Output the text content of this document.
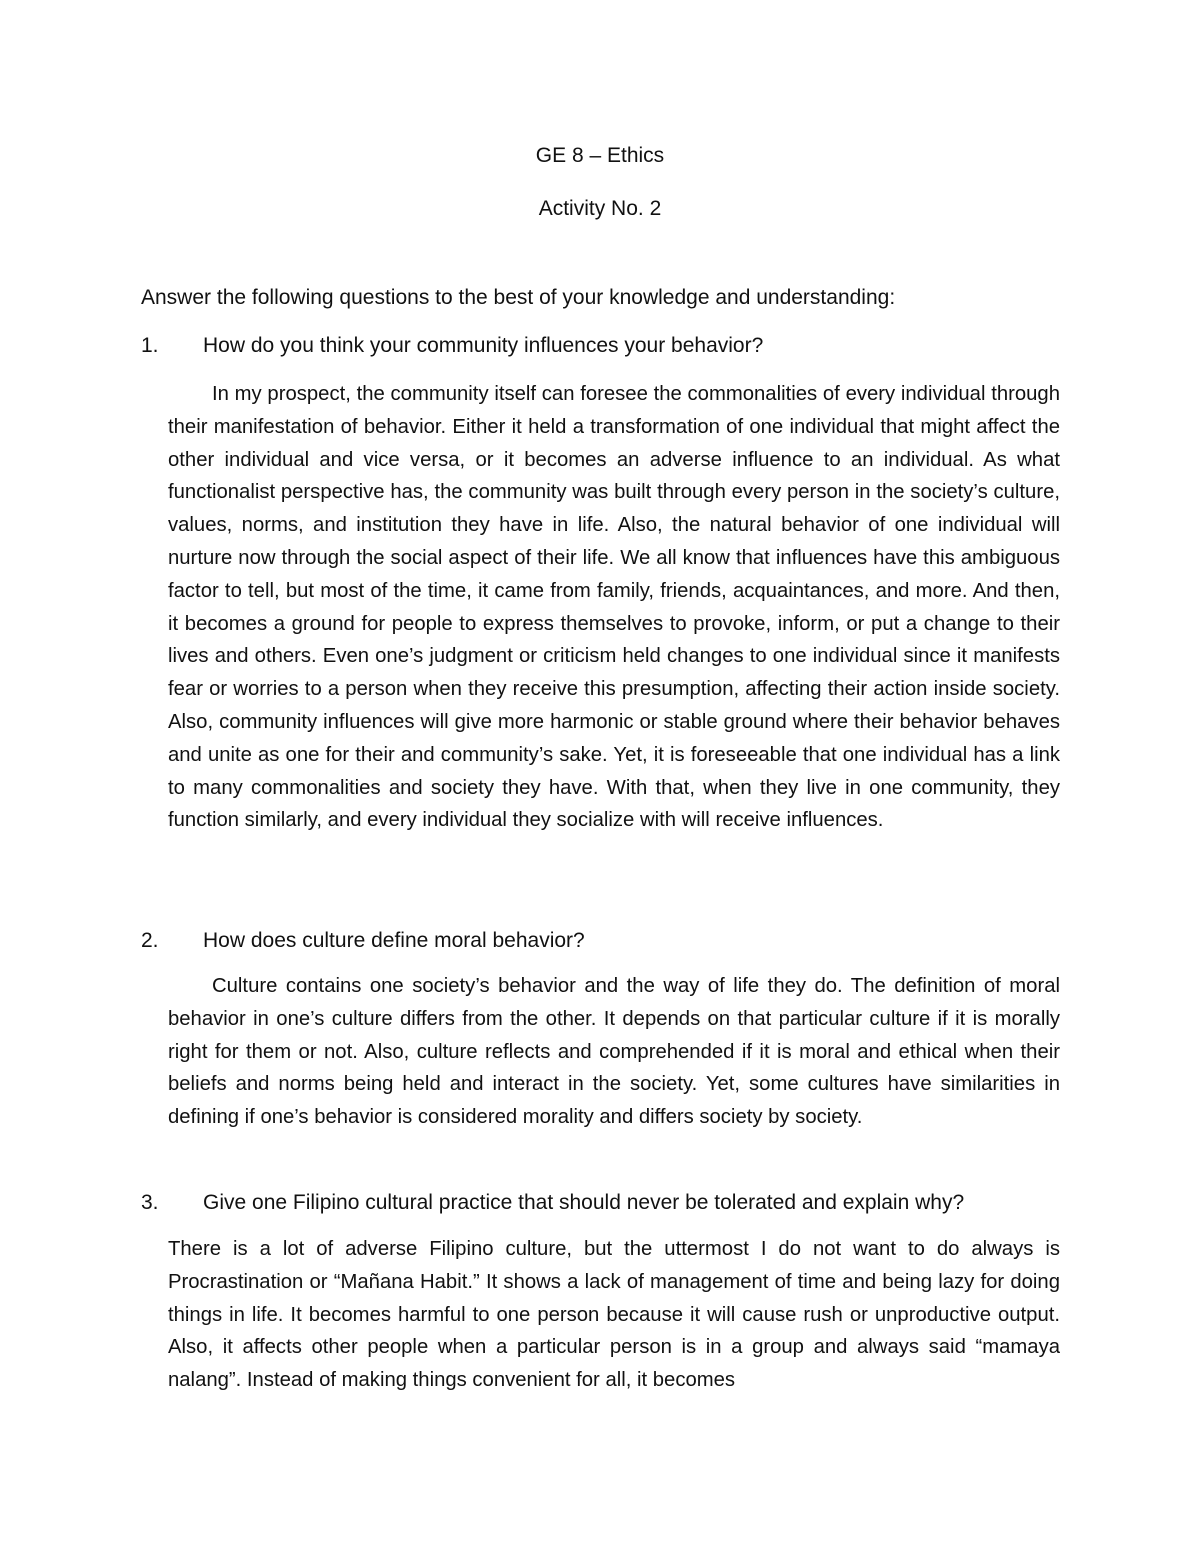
GE 8 – Ethics
Activity No. 2
Answer the following questions to the best of your knowledge and understanding:
1. How do you think your community influences your behavior?

In my prospect, the community itself can foresee the commonalities of every individual through their manifestation of behavior. Either it held a transformation of one individual that might affect the other individual and vice versa, or it becomes an adverse influence to an individual. As what functionalist perspective has, the community was built through every person in the society’s culture, values, norms, and institution they have in life. Also, the natural behavior of one individual will nurture now through the social aspect of their life. We all know that influences have this ambiguous factor to tell, but most of the time, it came from family, friends, acquaintances, and more. And then, it becomes a ground for people to express themselves to provoke, inform, or put a change to their lives and others. Even one’s judgment or criticism held changes to one individual since it manifests fear or worries to a person when they receive this presumption, affecting their action inside society. Also, community influences will give more harmonic or stable ground where their behavior behaves and unite as one for their and community’s sake. Yet, it is foreseeable that one individual has a link to many commonalities and society they have. With that, when they live in one community, they function similarly, and every individual they socialize with will receive influences.

2. How does culture define moral behavior?

Culture contains one society’s behavior and the way of life they do. The definition of moral behavior in one’s culture differs from the other. It depends on that particular culture if it is morally right for them or not. Also, culture reflects and comprehended if it is moral and ethical when their beliefs and norms being held and interact in the society. Yet, some cultures have similarities in defining if one’s behavior is considered morality and differs society by society.

3. Give one Filipino cultural practice that should never be tolerated and explain why?

There is a lot of adverse Filipino culture, but the uttermost I do not want to do always is Procrastination or “Mañana Habit.” It shows a lack of management of time and being lazy for doing things in life. It becomes harmful to one person because it will cause rush or unproductive output. Also, it affects other people when a particular person is in a group and always said “mamaya nalang”. Instead of making things convenient for all, it becomes
